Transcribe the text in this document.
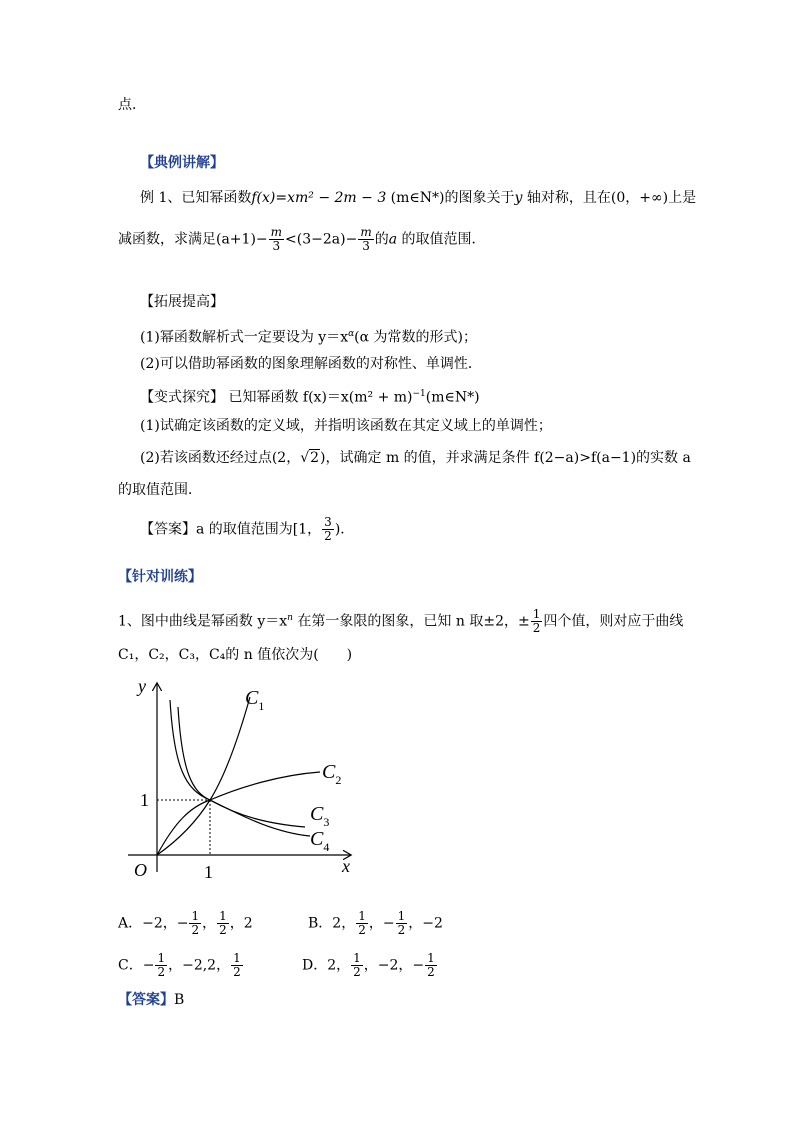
点．
【典例讲解】
例 1、已知幂函数f(x)=xm² − 2m − 3 (m∈N*)的图象关于y 轴对称，且在(0，+∞)上是
减函数，求满足$(a+1)- \frac{m}{3} <(3-2a)- \frac{m}{3}$ 的a 的取值范围．
【拓展提高】
(1)幂函数解析式一定要设为 $y=x^\alpha(\alpha$ 为常数的形式)；
(2)可以借助幂函数的图象理解函数的对称性、单调性．
【变式探究】 已知幂函数 $f(x)=x(m^2 + m)^{-1}(m\in N*)$
(1)试确定该函数的定义域，并指明该函数在其定义域上的单调性；
(2)若该函数还经过点(2，√2)，试确定 m 的值，并求满足条件 f(2−a)>f(a−1)的实数 a
的取值范围．
【答案】a 的取值范围为[1， $\frac{3}{2}$ )．
【针对训练】
1、图中曲线是幂函数 $y=x^n$ 在第一象限的图象，已知 n 取±2，± $\frac{1}{2}$ 四个值，则对应于曲线
C₁，C₂，C₃，C₄的 n 值依次为(　　)
y
x
O	1
1
$C_1$
$C_2$
$C_3$
$C_4$
A．−2，− $\frac{1}{2}$ ， $\frac{1}{2}$ ，2	B．2， $\frac{1}{2}$ ，− $\frac{1}{2}$ ，−2
C．− $\frac{1}{2}$ ，−2,2， $\frac{1}{2}$	D．2， $\frac{1}{2}$ ，−2，− $\frac{1}{2}$
【答案】B
